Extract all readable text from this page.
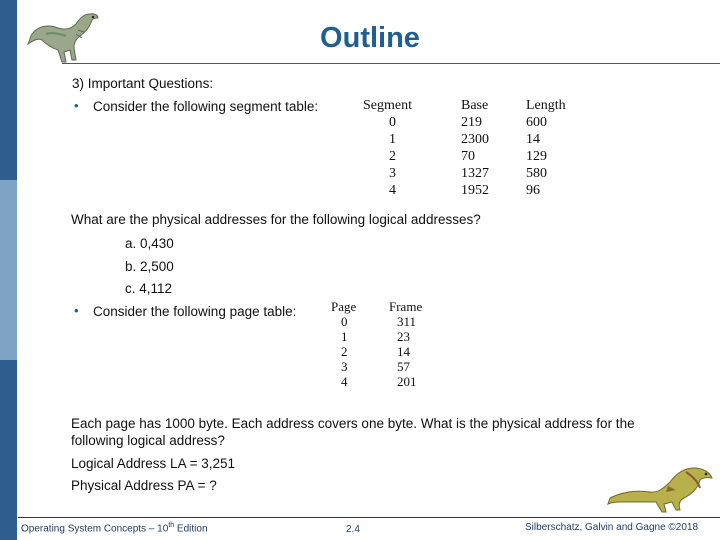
Outline
3) Important Questions:
• Consider the following segment table:	Segment	Base	Length
0	219	600
1	2300	14
2	70	129
3	1327	580
4	1952	96
What are the physical addresses for the following logical addresses?
a. 0,430
b. 2,500
c. 4,112
• Consider the following page table:	Page	Frame
0	311
1	23
2	14
3	57
4	201
Each page has 1000 byte. Each address covers one byte. What is the physical address for the
following logical address?
Logical Address LA = 3,251
Physical Address PA = ?
Operating System Concepts – 10th Edition	2.4	Silberschatz, Galvin and Gagne ©2018
